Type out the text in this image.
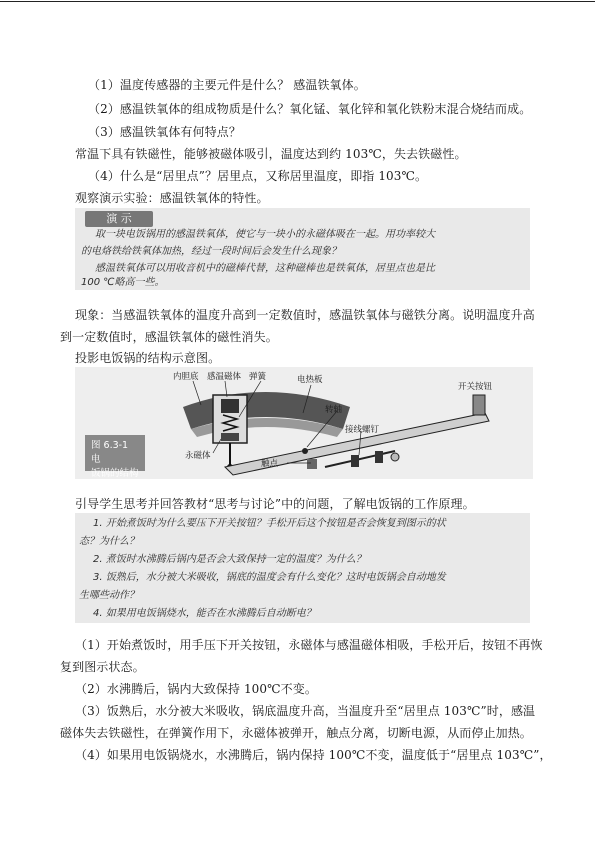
（1）温度传感器的主要元件是什么？ 感温铁氧体。
（2）感温铁氧体的组成物质是什么？氧化锰、氧化锌和氧化铁粉末混合烧结而成。
（3）感温铁氧体有何特点？
常温下具有铁磁性，能够被磁体吸引，温度达到约 103℃，失去铁磁性。
（4）什么是“居里点”？居里点，又称居里温度，即指 103℃。
观察演示实验：感温铁氧体的特性。
演 示
取一块电饭锅用的感温铁氧体，使它与一块小的永磁体吸在一起。用功率较大
的电烙铁给铁氧体加热，经过一段时间后会发生什么现象？
感温铁氧体可以用收音机中的磁棒代替，这种磁棒也是铁氧体，居里点也是比
100 ℃略高一些。
现象：当感温铁氧体的温度升高到一定数值时，感温铁氧体与磁铁分离。说明温度升高
到一定数值时，感温铁氧体的磁性消失。
投影电饭锅的结构示意图。
图 6.3-1 电
饭锅的结构
内胆底 感温磁体 弹簧	电热板
开关按钮
转轴
永磁体
接线螺钉
触点
引导学生思考并回答教材“思考与讨论”中的问题，了解电饭锅的工作原理。
1. 开始煮饭时为什么要压下开关按钮？手松开后这个按钮是否会恢复到图示的状
态？为什么？
2. 煮饭时水沸腾后锅内是否会大致保持一定的温度？为什么？
3. 饭熟后，水分被大米吸收，锅底的温度会有什么变化？这时电饭锅会自动地发
生哪些动作？
4. 如果用电饭锅烧水，能否在水沸腾后自动断电？
（1）开始煮饭时，用手压下开关按钮，永磁体与感温磁体相吸，手松开后，按钮不再恢
复到图示状态。
（2）水沸腾后，锅内大致保持 100℃不变。
（3）饭熟后，水分被大米吸收，锅底温度升高，当温度升至“居里点 103℃”时，感温
磁体失去铁磁性，在弹簧作用下，永磁体被弹开，触点分离，切断电源，从而停止加热。
（4）如果用电饭锅烧水，水沸腾后，锅内保持 100℃不变，温度低于“居里点 103℃”，
